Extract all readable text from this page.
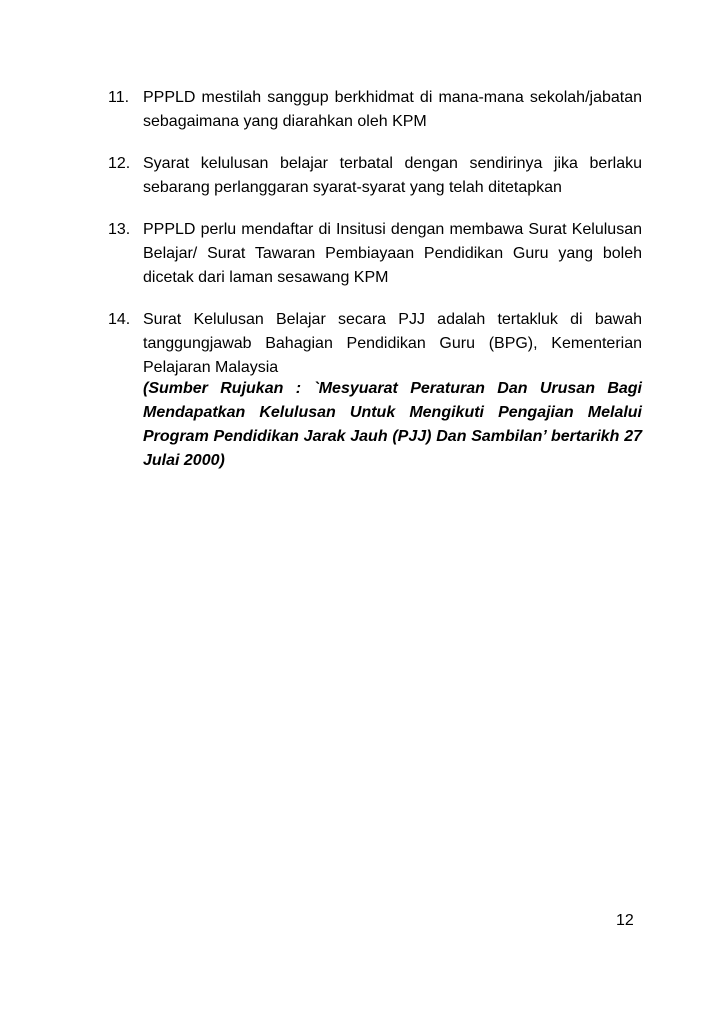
11. PPPLD mestilah sanggup berkhidmat di mana-mana sekolah/jabatan sebagaimana yang diarahkan oleh KPM
12. Syarat kelulusan belajar terbatal dengan sendirinya jika berlaku sebarang perlanggaran syarat-syarat yang telah ditetapkan
13. PPPLD perlu mendaftar di Insitusi dengan membawa Surat Kelulusan Belajar/ Surat Tawaran Pembiayaan Pendidikan Guru yang boleh dicetak dari laman sesawang KPM
14. Surat Kelulusan Belajar secara PJJ adalah tertakluk di bawah tanggungjawab Bahagian Pendidikan Guru (BPG), Kementerian Pelajaran Malaysia
(Sumber Rujukan : `Mesyuarat Peraturan Dan Urusan Bagi Mendapatkan Kelulusan Untuk Mengikuti Pengajian Melalui Program Pendidikan Jarak Jauh (PJJ) Dan Sambilan’ bertarikh 27 Julai 2000)
12
